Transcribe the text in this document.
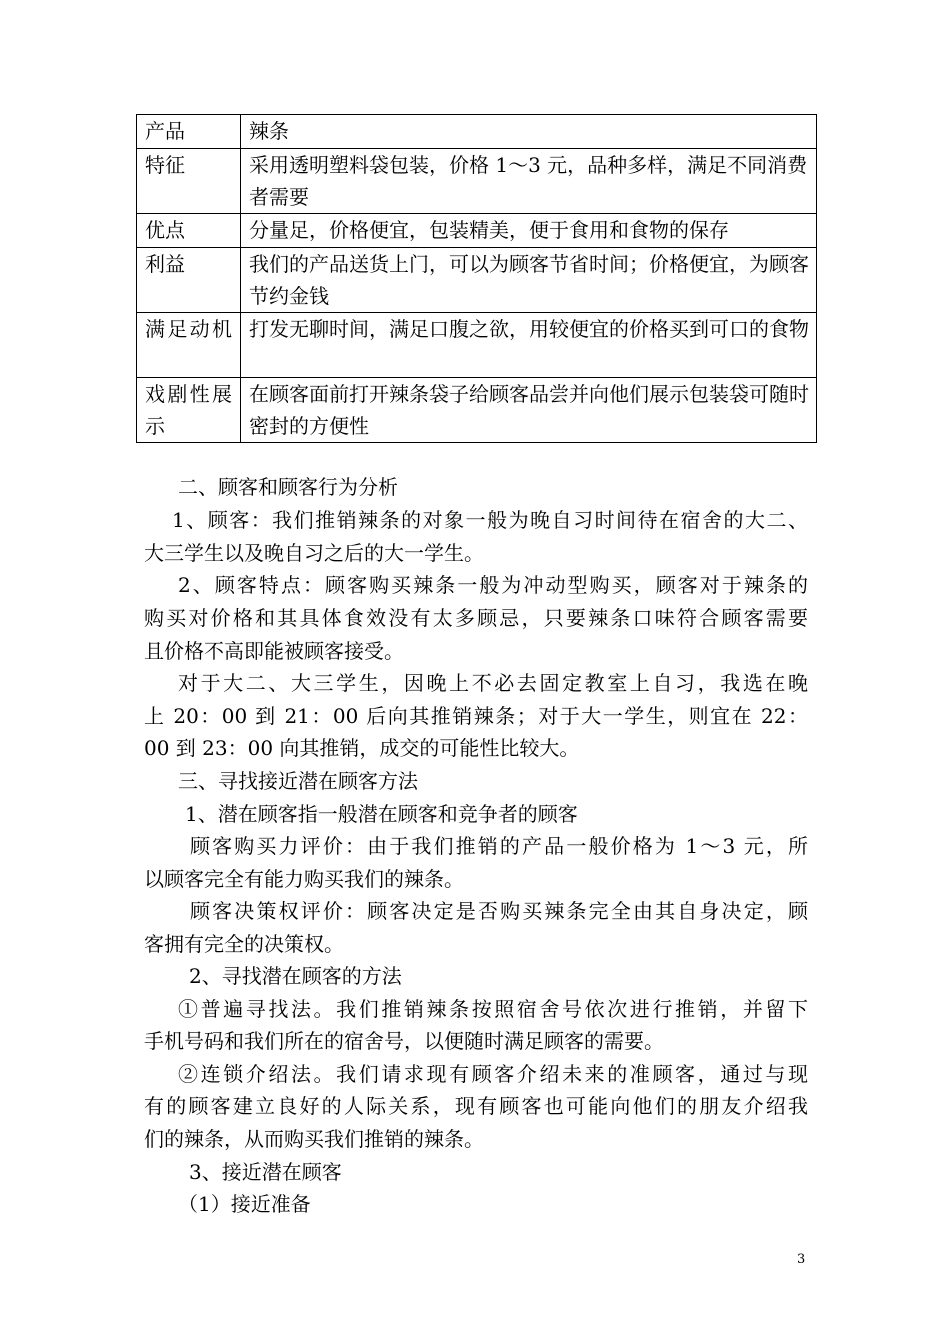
产品	辣条
特征	采用透明塑料袋包装，价格 1～3 元，品种多样，满足不同消费者需要
优点	分量足，价格便宜，包装精美，便于食用和食物的保存
利益	我们的产品送货上门，可以为顾客节省时间；价格便宜，为顾客节约金钱
满足动机	打发无聊时间，满足口腹之欲，用较便宜的价格买到可口的食物
戏剧性展示	在顾客面前打开辣条袋子给顾客品尝并向他们展示包装袋可随时密封的方便性

二、顾客和顾客行为分析

1、顾客：我们推销辣条的对象一般为晚自习时间待在宿舍的大二、

大三学生以及晚自习之后的大一学生。

2、顾客特点：顾客购买辣条一般为冲动型购买，顾客对于辣条的

购买对价格和其具体食效没有太多顾忌，只要辣条口味符合顾客需要

且价格不高即能被顾客接受。

对于大二、大三学生，因晚上不必去固定教室上自习，我选在晚

上 20：00 到 21：00 后向其推销辣条；对于大一学生，则宜在 22：

00 到 23：00 向其推销，成交的可能性比较大。

三、寻找接近潜在顾客方法

1、潜在顾客指一般潜在顾客和竞争者的顾客

顾客购买力评价：由于我们推销的产品一般价格为 1～3 元，所

以顾客完全有能力购买我们的辣条。

顾客决策权评价：顾客决定是否购买辣条完全由其自身决定，顾

客拥有完全的决策权。

2、寻找潜在顾客的方法

①普遍寻找法。我们推销辣条按照宿舍号依次进行推销，并留下

手机号码和我们所在的宿舍号，以便随时满足顾客的需要。

②连锁介绍法。我们请求现有顾客介绍未来的准顾客，通过与现

有的顾客建立良好的人际关系，现有顾客也可能向他们的朋友介绍我

们的辣条，从而购买我们推销的辣条。

3、接近潜在顾客

（1）接近准备

3
